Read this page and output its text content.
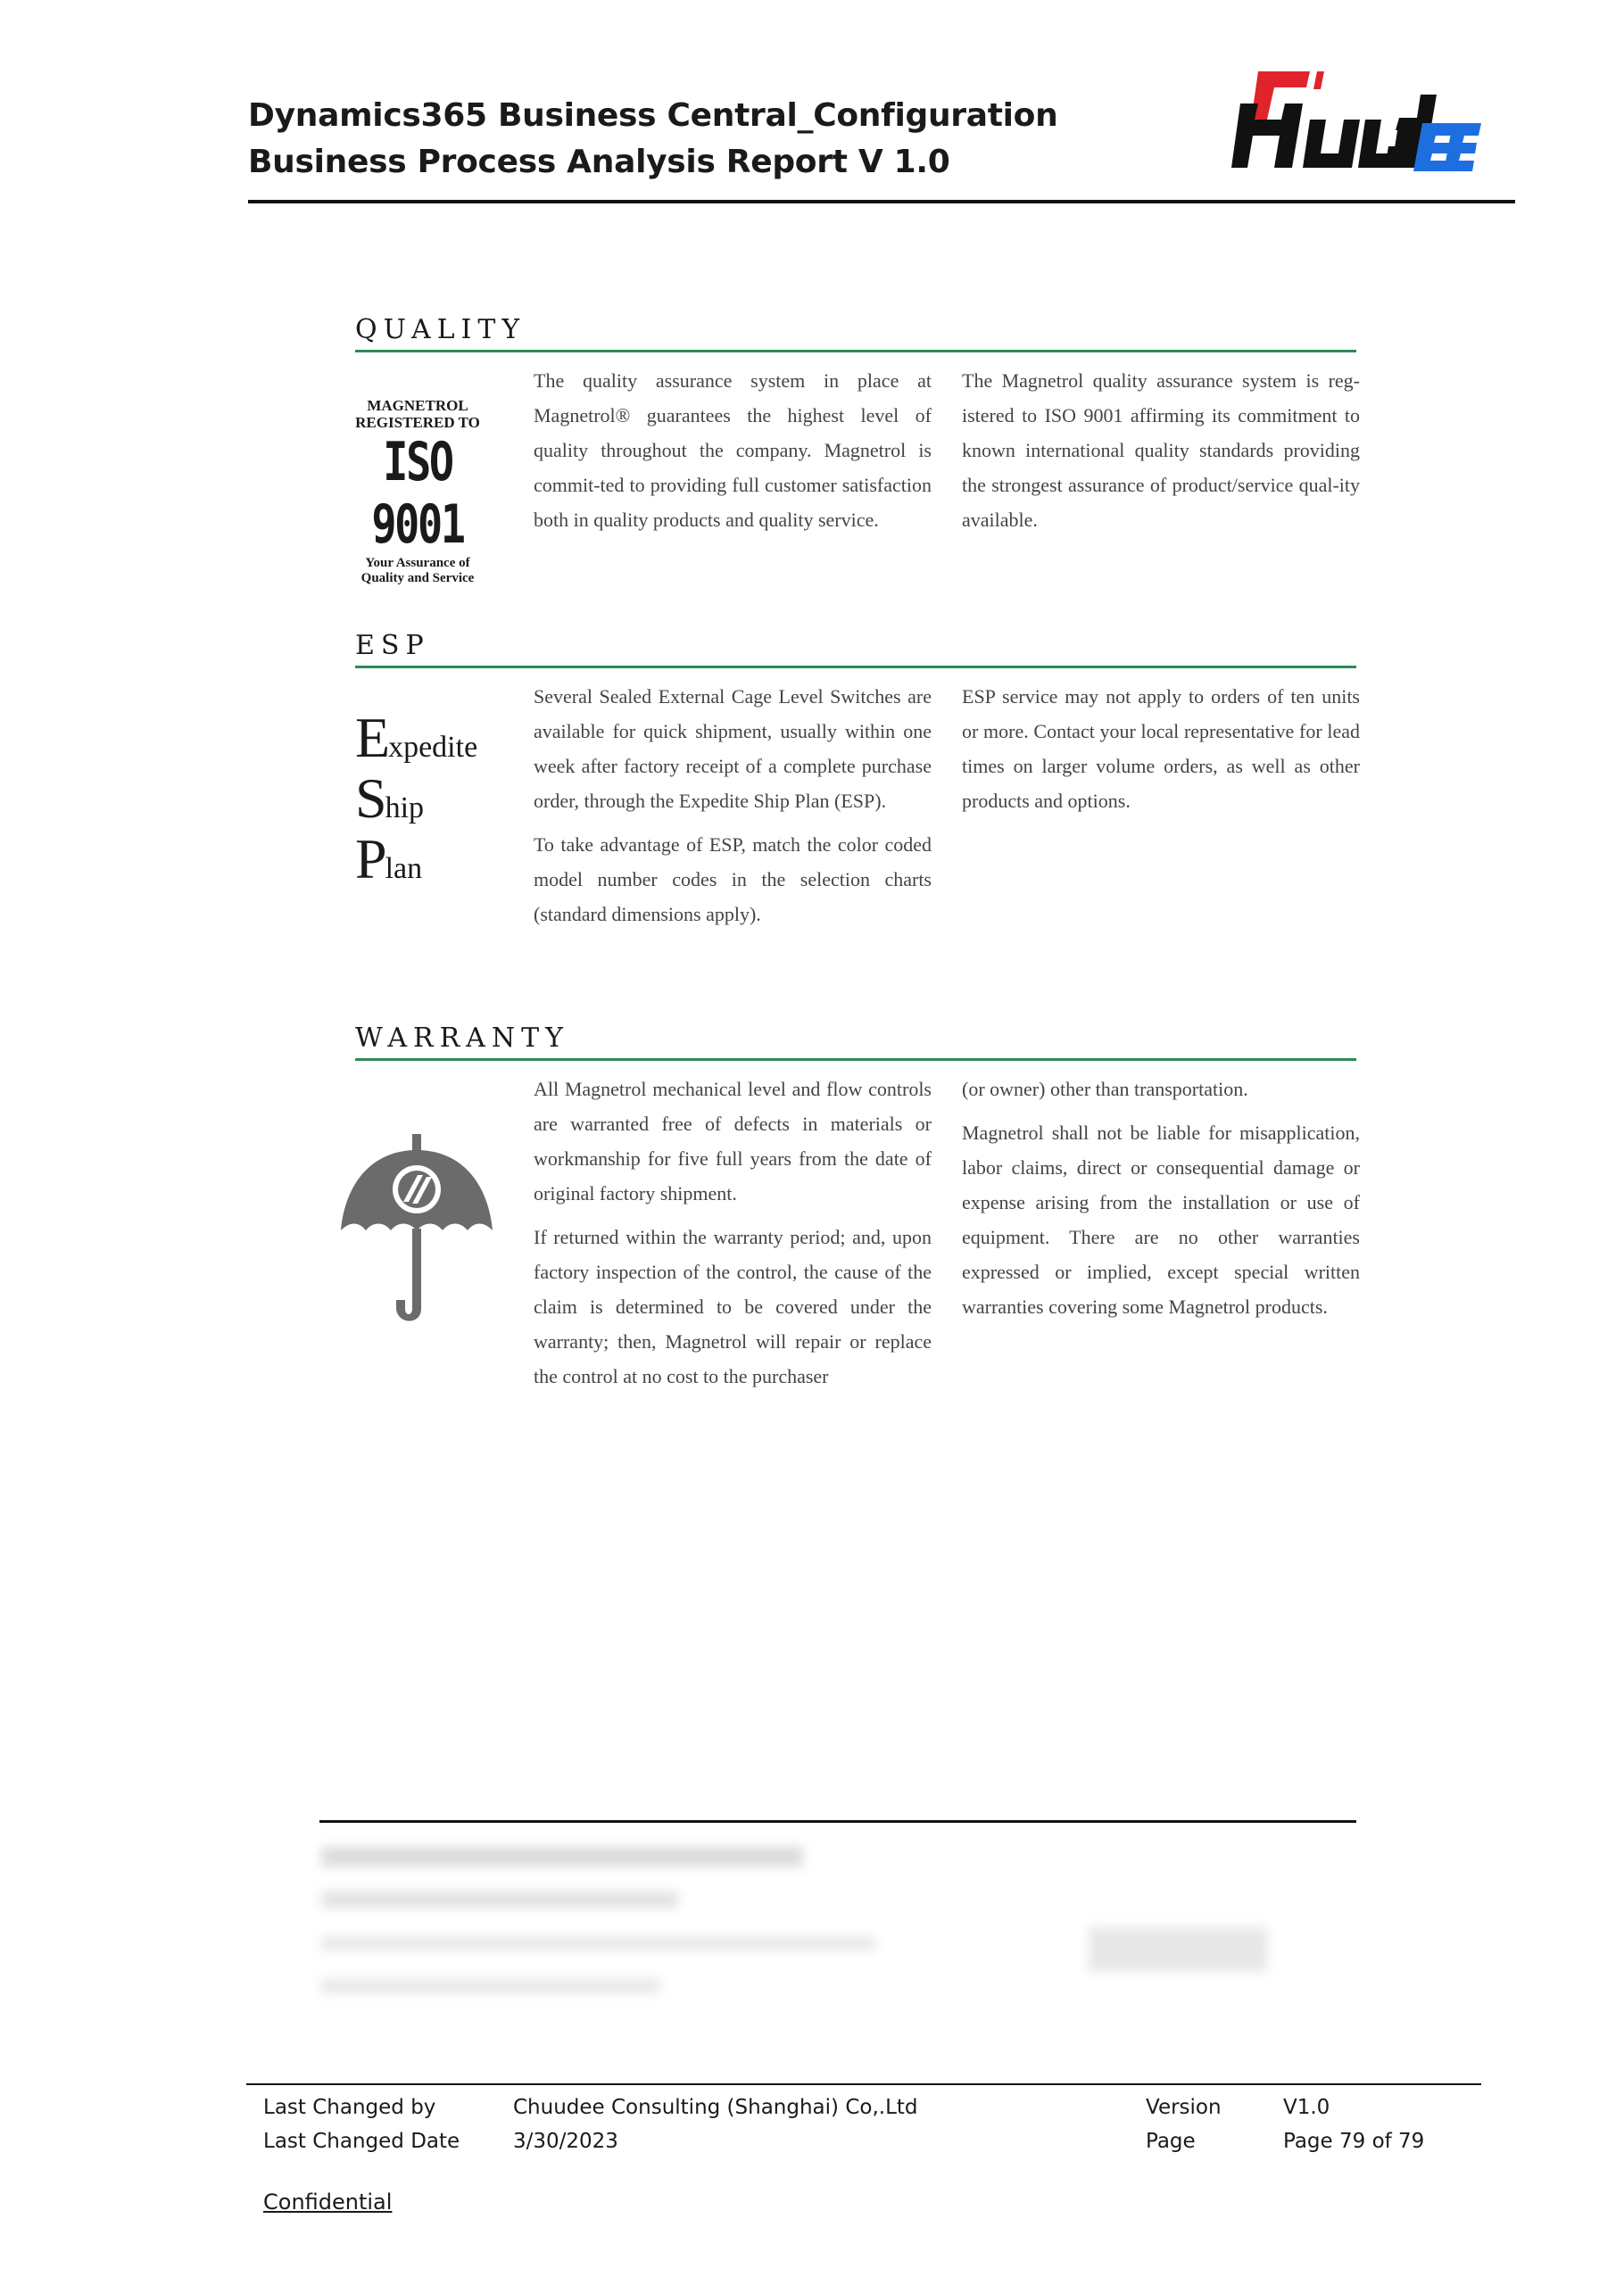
Dynamics365 Business Central_Configuration
Business Process Analysis Report V 1.0
QUALITY
MAGNETROL
REGISTERED TO
ISO 9001
Your Assurance of
Quality and Service

The quality assurance system in place at Magnetrol® guarantees the highest level of quality throughout the company. Magnetrol is commit-ted to providing full customer satisfaction both in quality products and quality service.

The Magnetrol quality assurance system is reg-istered to ISO 9001 affirming its commitment to known international quality standards providing the strongest assurance of product/service qual-ity available.

ESP
Expedite
Ship
Plan

Several Sealed External Cage Level Switches are available for quick shipment, usually within one week after factory receipt of a complete purchase order, through the Expedite Ship Plan (ESP).

To take advantage of ESP, match the color coded model number codes in the selection charts (standard dimensions apply).

ESP service may not apply to orders of ten units or more. Contact your local representative for lead times on larger volume orders, as well as other products and options.

WARRANTY

All Magnetrol mechanical level and flow controls are warranted free of defects in materials or workmanship for five full years from the date of original factory shipment.

If returned within the warranty period; and, upon factory inspection of the control, the cause of the claim is determined to be covered under the warranty; then, Magnetrol will repair or replace the control at no cost to the purchaser

(or owner) other than transportation.

Magnetrol shall not be liable for misapplication, labor claims, direct or consequential damage or expense arising from the installation or use of equipment. There are no other warranties expressed or implied, except special written warranties covering some Magnetrol products.

Last Changed by
Last Changed Date
Chuudee Consulting (Shanghai) Co,.Ltd
3/30/2023
Version
Page
V1.0
Page 79 of 79
Confidential
